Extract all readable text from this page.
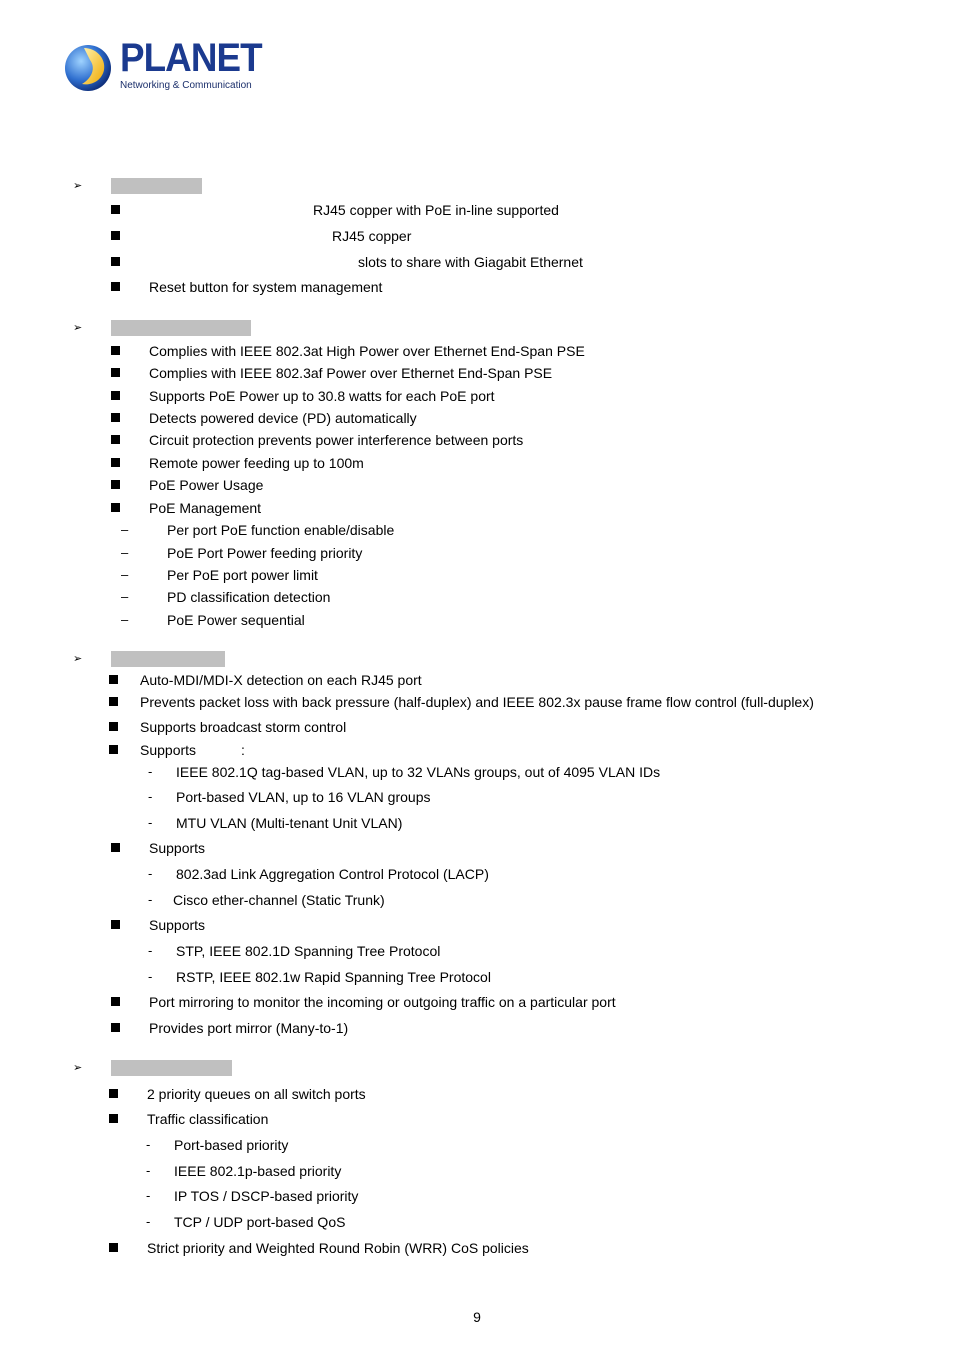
PLANET
Networking & Communication
➢
RJ45 copper with PoE in-line supported
RJ45 copper
slots to share with Giagabit Ethernet
Reset button for system management
➢
Complies with IEEE 802.3at High Power over Ethernet End-Span PSE
Complies with IEEE 802.3af Power over Ethernet End-Span PSE
Supports PoE Power up to 30.8 watts for each PoE port
Detects powered device (PD) automatically
Circuit protection prevents power interference between ports
Remote power feeding up to 100m
PoE Power Usage
PoE Management
–	Per port PoE function enable/disable
–	PoE Port Power feeding priority
–	Per PoE port power limit
–	PD classification detection
–	PoE Power sequential
➢
Auto-MDI/MDI-X detection on each RJ45 port
Prevents packet loss with back pressure (half-duplex) and IEEE 802.3x pause frame flow control (full-duplex)
Supports broadcast storm control
Supports	:
- IEEE 802.1Q tag-based VLAN, up to 32 VLANs groups, out of 4095 VLAN IDs
- Port-based VLAN, up to 16 VLAN groups
- MTU VLAN (Multi-tenant Unit VLAN)
Supports
- 802.3ad Link Aggregation Control Protocol (LACP)
- Cisco ether-channel (Static Trunk)
Supports
- STP, IEEE 802.1D Spanning Tree Protocol
- RSTP, IEEE 802.1w Rapid Spanning Tree Protocol
Port mirroring to monitor the incoming or outgoing traffic on a particular port
Provides port mirror (Many-to-1)
➢
2 priority queues on all switch ports
Traffic classification
- Port-based priority
- IEEE 802.1p-based priority
- IP TOS / DSCP-based priority
- TCP / UDP port-based QoS
Strict priority and Weighted Round Robin (WRR) CoS policies
9
